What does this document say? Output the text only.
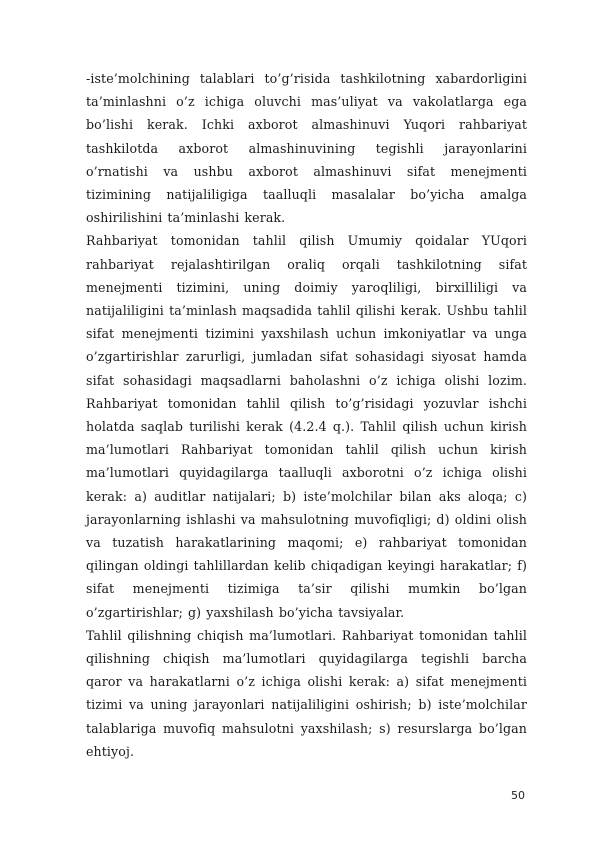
-iste’molchining talablari to’g’risida tashkilotning xabardorligini ta’minlashni o’z ichiga oluvchi mas’uliyat va vakolatlarga ega bo’lishi kerak. Ichki axborot almashinuvi Yuqori rahbariyat tashkilotda axborot almashinuvining tegishli jarayonlarini o’rnatishi va ushbu axborot almashinuvi sifat menejmenti tizimining natijaliligiga taalluqli masalalar bo’yicha amalga oshirilishini ta’minlashi kerak.

Rahbariyat tomonidan tahlil qilish Umumiy qoidalar YUqori rahbariyat rejalashtirilgan oraliq orqali tashkilotning sifat menejmenti tizimini, uning doimiy yaroqliligi, birxilliligi va natijaliligini ta’minlash maqsadida tahlil qilishi kerak. Ushbu tahlil sifat menejmenti tizimini yaxshilash uchun imkoniyatlar va unga o’zgartirishlar zarurligi, jumladan sifat sohasidagi siyosat hamda sifat sohasidagi maqsadlarni baholashni o’z ichiga olishi lozim. Rahbariyat tomonidan tahlil qilish to’g’risidagi yozuvlar ishchi holatda saqlab turilishi kerak (4.2.4 q.). Tahlil qilish uchun kirish ma’lumotlari Rahbariyat tomonidan tahlil qilish uchun kirish ma’lumotlari quyidagilarga taalluqli axborotni o’z ichiga olishi kerak: a) auditlar natijalari; b) iste’molchilar bilan aks aloqa; c) jarayonlarning ishlashi va mahsulotning muvofiqligi; d) oldini olish va tuzatish harakatlarining maqomi; e) rahbariyat tomonidan qilingan oldingi tahlillardan kelib chiqadigan keyingi harakatlar; f) sifat menejmenti tizimiga ta’sir qilishi mumkin bo’lgan o’zgartirishlar; g) yaxshilash bo’yicha tavsiyalar.

Tahlil qilishning chiqish ma’lumotlari. Rahbariyat tomonidan tahlil qilishning chiqish ma’lumotlari quyidagilarga tegishli barcha qaror va harakatlarni o’z ichiga olishi kerak: a) sifat menejmenti tizimi va uning jarayonlari natijaliligini oshirish; b) iste’molchilar talablariga muvofiq mahsulotni yaxshilash; s) resurslarga bo’lgan ehtiyoj.

50
